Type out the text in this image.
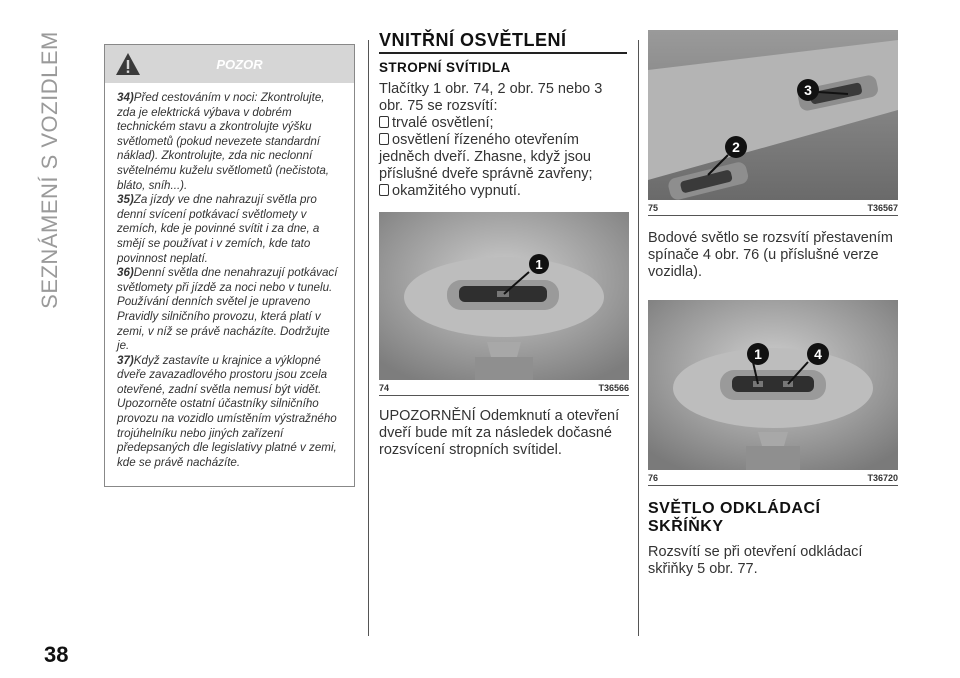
SEZNÁMENÍ S VOZIDLEM
38
POZOR

34)Před cestováním v noci: Zkontrolujte, zda je elektrická výbava v dobrém technickém stavu a zkontrolujte výšku světlometů (pokud nevezete standardní náklad). Zkontrolujte, zda nic neclonní světelnému kuželu světlometů (nečistota, bláto, sníh...).

35)Za jízdy ve dne nahrazují světla pro denní svícení potkávací světlomety v zemích, kde je povinné svítit i za dne, a smějí se používat i v zemích, kde tato povinnost neplatí.

36)Denní světla dne nenahrazují potkávací světlomety při jízdě za noci nebo v tunelu. Používání denních světel je upraveno Pravidly silničního provozu, která platí v zemi, v níž se právě nacházíte. Dodržujte je.

37)Když zastavíte u krajnice a výklopné dveře zavazadlového prostoru jsou zcela otevřené, zadní světla nemusí být vidět. Upozorněte ostatní účastníky silničního provozu na vozidlo umístěním výstražného trojúhelníku nebo jiných zařízení předepsaných dle legislativy platné v zemi, kde se právě nacházíte.

VNITŘNÍ OSVĚTLENÍ
STROPNÍ SVÍTIDLA
Tlačítky 1 obr. 74, 2 obr. 75 nebo 3 obr. 75 se rozsvítí:
trvalé osvětlení;
osvětlení řízeného otevřením jedněch dveří. Zhasne, když jsou příslušné dveře správně zavřeny;
okamžitého vypnutí.
1
74	T36566
UPOZORNĚNÍ Odemknutí a otevření dveří bude mít za následek dočasné rozsvícení stropních svítidel.
2
3
75	T36567
Bodové světlo se rozsvítí přestavením spínače 4 obr. 76 (u příslušné verze vozidla).
1	4
76	T36720
SVĚTLO ODKLÁDACÍ SKŘÍŇKY
Rozsvítí se při otevření odkládací skřiňky 5 obr. 77.
